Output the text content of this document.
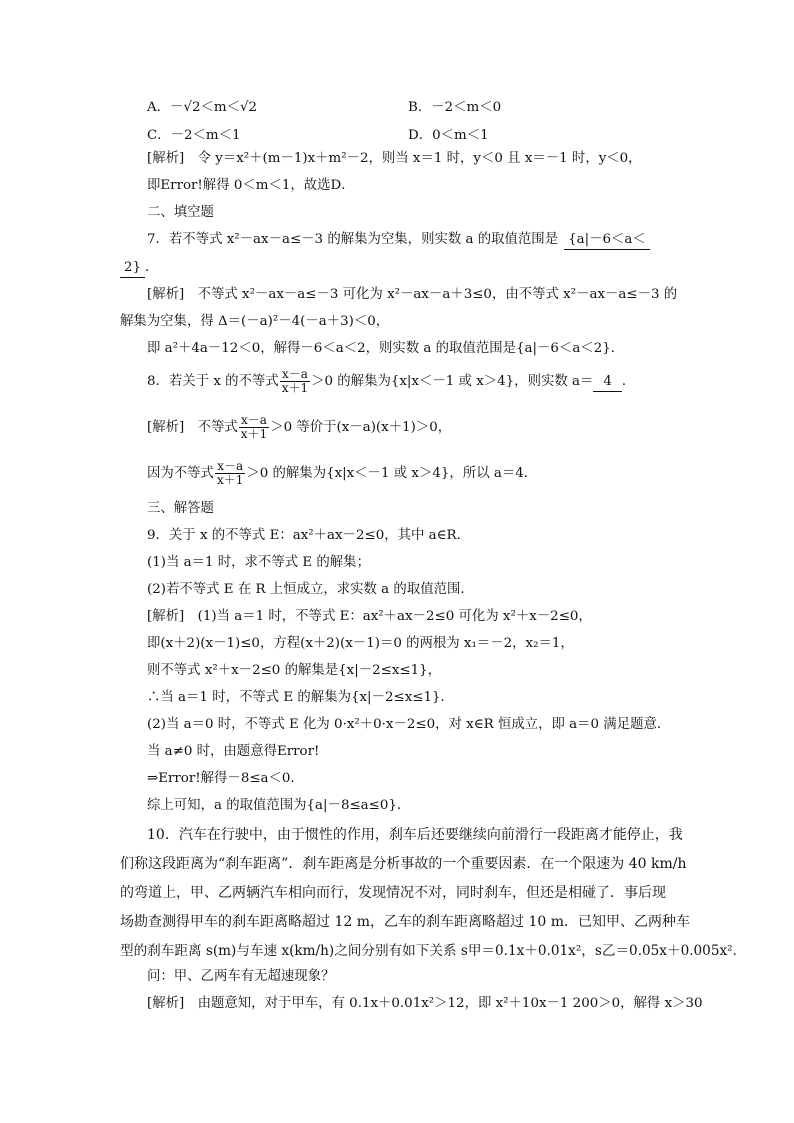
A．－√2＜m＜√2	B．－2＜m＜0
C．－2＜m＜1	D．0＜m＜1
[解析]　令 y＝x²＋(m－1)x＋m²－2，则当 x＝1 时，y＜0 且 x＝－1 时，y＜0，
即Error!解得 0＜m＜1，故选D．
二、填空题
7．若不等式 x²－ax－a≤－3 的解集为空集，则实数 a 的取值范围是 {a|－6＜a＜
2} ．
[解析]　不等式 x²－ax－a≤－3 可化为 x²－ax－a＋3≤0，由不等式 x²－ax－a≤－3 的
解集为空集，得 Δ＝(－a)²－4(－a＋3)＜0，
即 a²＋4a－12＜0，解得－6＜a＜2，则实数 a 的取值范围是{a|－6＜a＜2}．
8．若关于 x 的不等式 $\frac{x-a}{x+1} >0$ 的解集为{x|x＜－1 或 x＞4}，则实数 a＝ 4 ．
[解析]　不等式 $\frac{x-a}{x+1} >0$ 等价于(x－a)(x＋1)＞0，
因为不等式 $\frac{x-a}{x+1} >0$ 的解集为{x|x＜－1 或 x＞4}，所以 a＝4．
三、解答题
9．关于 x 的不等式 E：ax²＋ax－2≤0，其中 a∈R．
(1)当 a＝1 时，求不等式 E 的解集；
(2)若不等式 E 在 R 上恒成立，求实数 a 的取值范围．
[解析]　(1)当 a＝1 时，不等式 E：ax²＋ax－2≤0 可化为 x²＋x－2≤0，
即(x＋2)(x－1)≤0，方程(x＋2)(x－1)＝0 的两根为 x₁＝－2，x₂＝1，
则不等式 x²＋x－2≤0 的解集是{x|－2≤x≤1}，
∴当 a＝1 时，不等式 E 的解集为{x|－2≤x≤1}．
(2)当 a＝0 时，不等式 E 化为 0·x²＋0·x－2≤0，对 x∈R 恒成立，即 a＝0 满足题意．
当 a≠0 时，由题意得Error!
⇒Error!解得－8≤a＜0．
综上可知，a 的取值范围为{a|－8≤a≤0}．
10．汽车在行驶中，由于惯性的作用，刹车后还要继续向前滑行一段距离才能停止，我
们称这段距离为“刹车距离”．刹车距离是分析事故的一个重要因素．在一个限速为 40 km/h
的弯道上，甲、乙两辆汽车相向而行，发现情况不对，同时刹车，但还是相碰了．事后现
场勘查测得甲车的刹车距离略超过 12 m，乙车的刹车距离略超过 10 m．已知甲、乙两种车
型的刹车距离 s(m)与车速 x(km/h)之间分别有如下关系 s甲＝0.1x＋0.01x²，s乙＝0.05x＋0.005x²．
问：甲、乙两车有无超速现象？
[解析]　由题意知，对于甲车，有 0.1x＋0.01x²＞12，即 x²＋10x－1 200＞0，解得 x＞30
